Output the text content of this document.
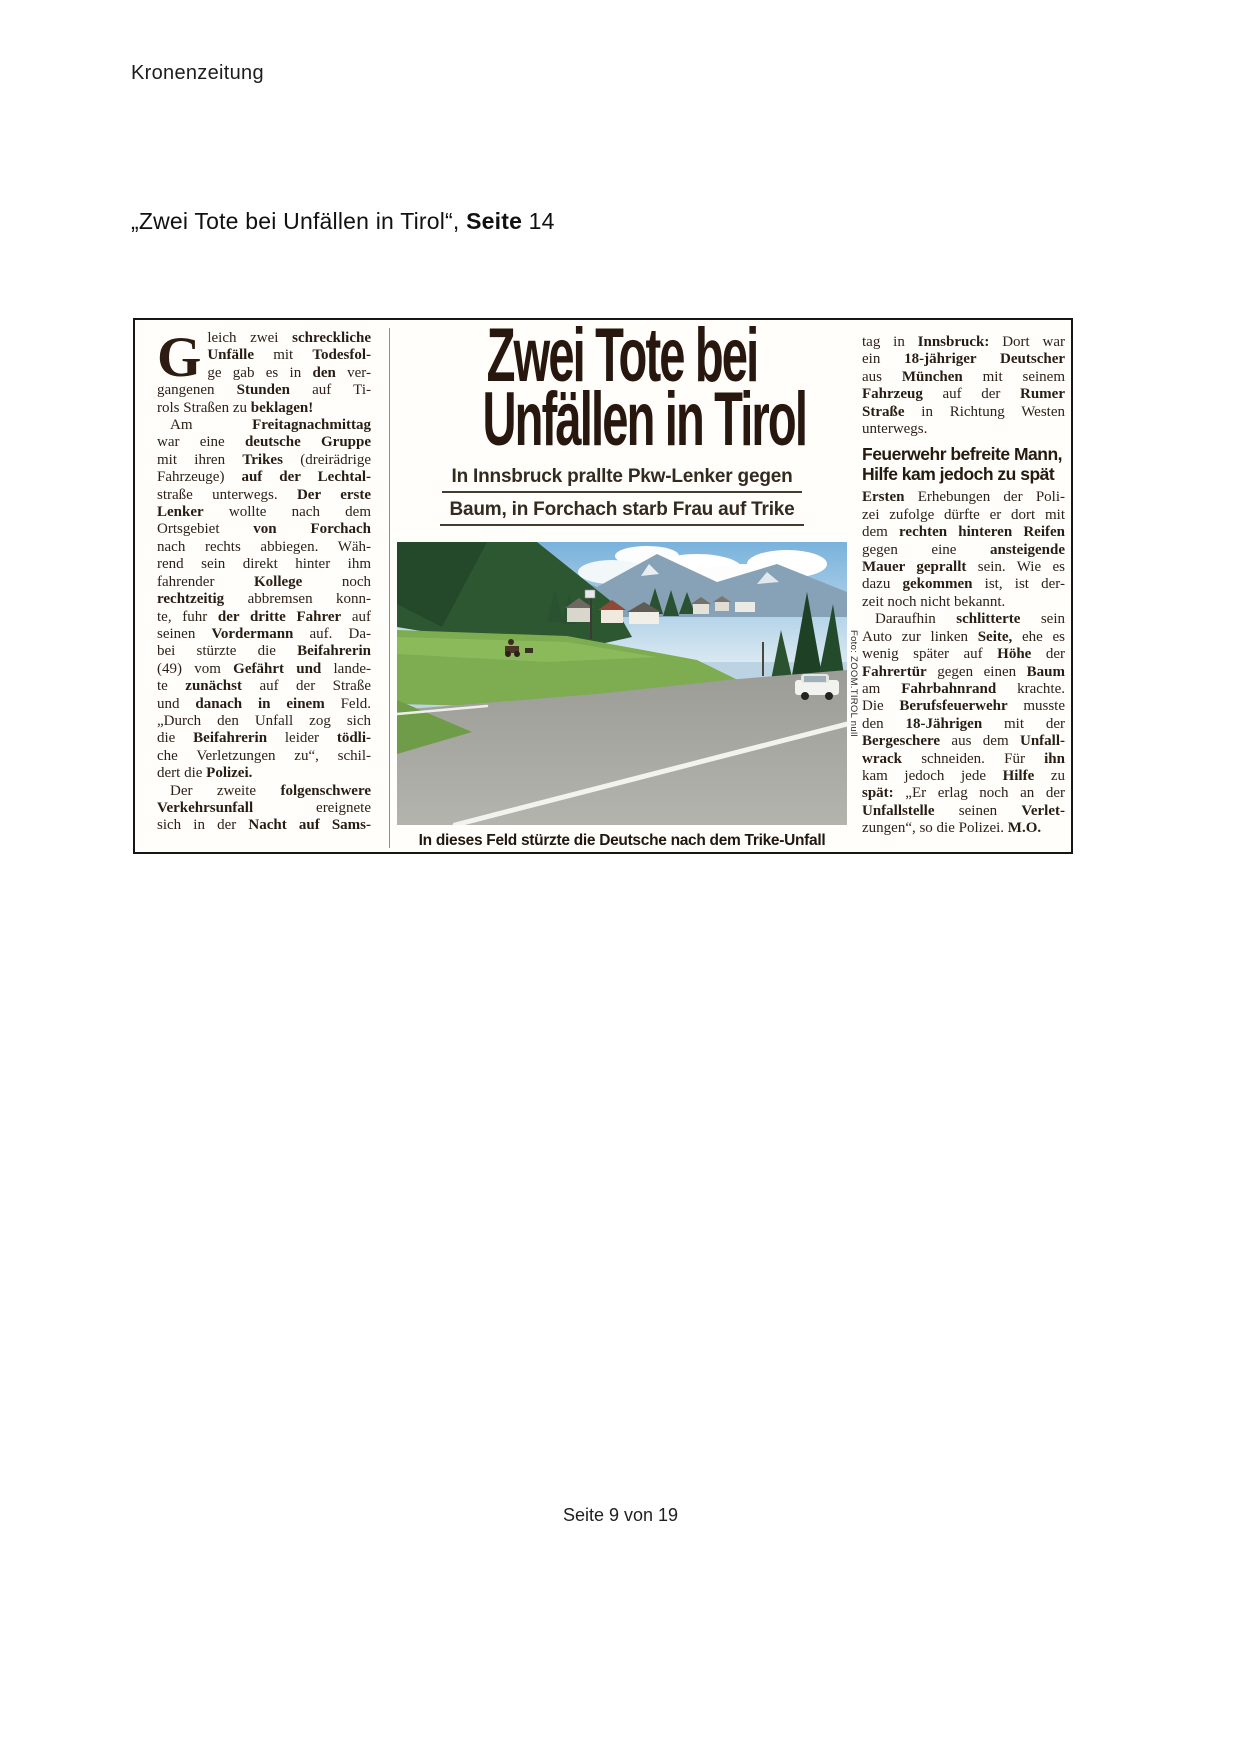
Kronenzeitung
„Zwei Tote bei Unfällen in Tirol“, Seite 14
G leich zwei schreckliche
Unfälle mit Todesfol-
ge gab es in den ver-
gangenen Stunden auf Ti-
rols Straßen zu beklagen!
Am Freitagnachmittag
war eine deutsche Gruppe
mit ihren Trikes (dreirädrige
Fahrzeuge) auf der Lechtal-
straße unterwegs. Der erste
Lenker wollte nach dem
Ortsgebiet von Forchach
nach rechts abbiegen. Wäh-
rend sein direkt hinter ihm
fahrender Kollege noch
rechtzeitig abbremsen konn-
te, fuhr der dritte Fahrer auf
seinen Vordermann auf. Da-
bei stürzte die Beifahrerin
(49) vom Gefährt und lande-
te zunächst auf der Straße
und danach in einem Feld.
„Durch den Unfall zog sich
die Beifahrerin leider tödli-
che Verletzungen zu“, schil-
dert die Polizei.
Der zweite folgenschwere
Verkehrsunfall ereignete
sich in der Nacht auf Sams-
Zwei Tote bei
Unfällen in Tirol
In Innsbruck prallte Pkw-Lenker gegen
Baum, in Forchach starb Frau auf Trike
Foto: ZOOM.TIROL null
In dieses Feld stürzte die Deutsche nach dem Trike-Unfall
tag in Innsbruck: Dort war
ein 18-jähriger Deutscher
aus München mit seinem
Fahrzeug auf der Rumer
Straße in Richtung Westen
unterwegs.
Feuerwehr befreite Mann,
Hilfe kam jedoch zu spät
Ersten Erhebungen der Poli-
zei zufolge dürfte er dort mit
dem rechten hinteren Reifen
gegen eine ansteigende
Mauer geprallt sein. Wie es
dazu gekommen ist, ist der-
zeit noch nicht bekannt.
Daraufhin schlitterte sein
Auto zur linken Seite, ehe es
wenig später auf Höhe der
Fahrertür gegen einen Baum
am Fahrbahnrand krachte.
Die Berufsfeuerwehr musste
den 18-Jährigen mit der
Bergeschere aus dem Unfall-
wrack schneiden. Für ihn
kam jedoch jede Hilfe zu
spät: „Er erlag noch an der
Unfallstelle seinen Verlet-
zungen“, so die Polizei. M.O.
Seite 9 von 19
